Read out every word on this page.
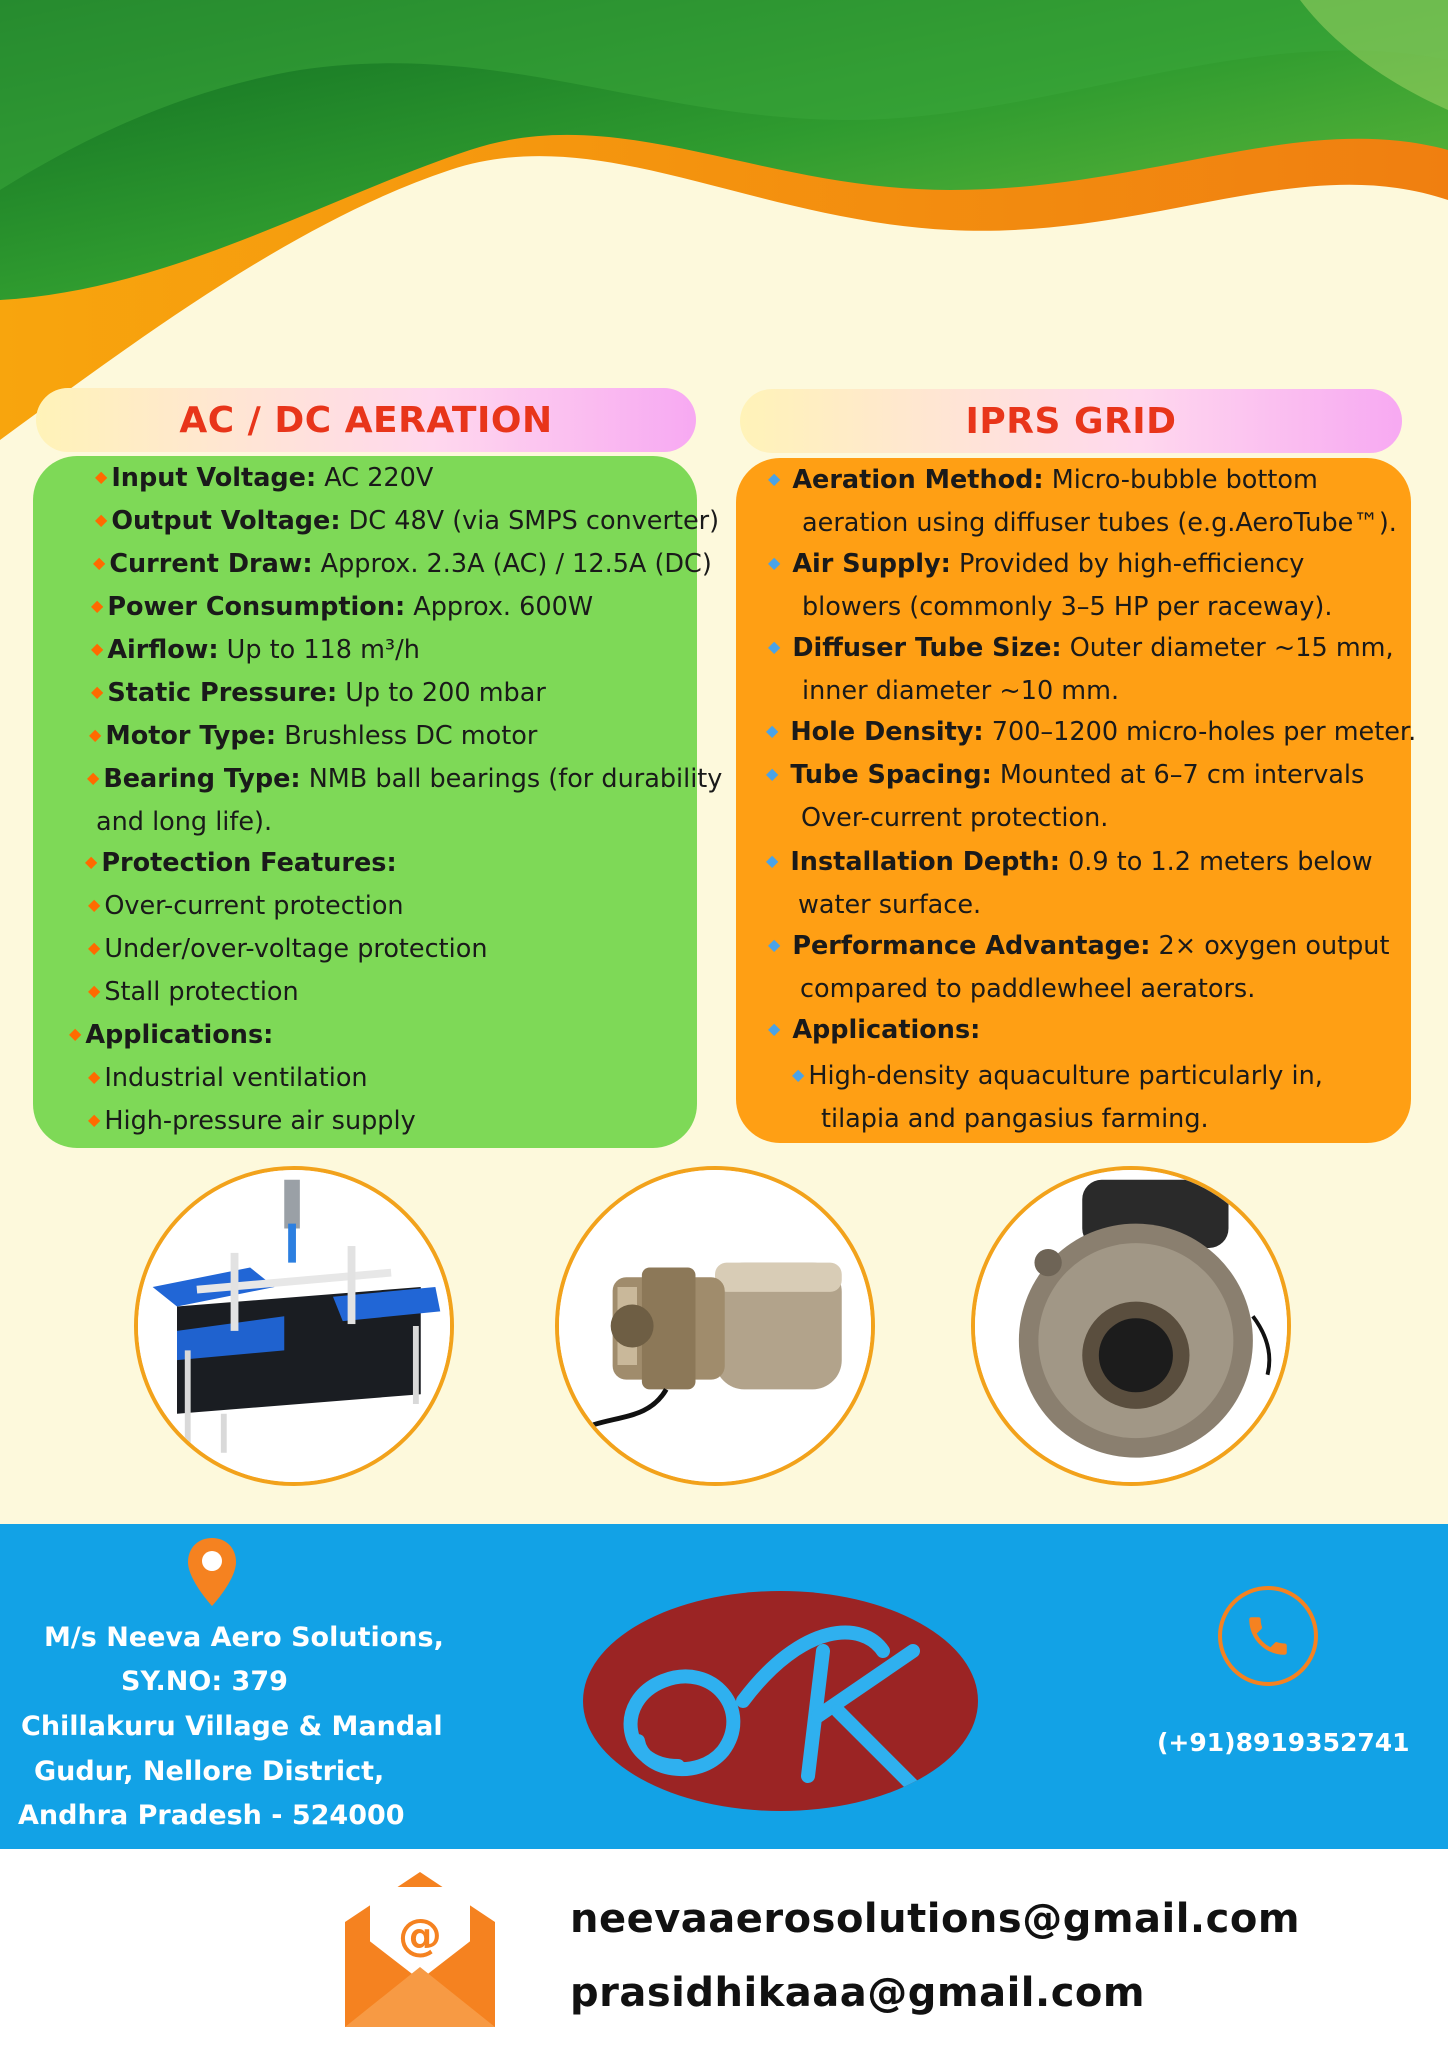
AC / DC AERATION
◆ Input Voltage: AC 220V
◆ Output Voltage: DC 48V (via SMPS converter)
◆ Current Draw: Approx. 2.3A (AC) / 12.5A (DC)
◆ Power Consumption: Approx. 600W
◆ Airflow: Up to 118 m³/h
◆ Static Pressure: Up to 200 mbar
◆ Motor Type: Brushless DC motor
◆ Bearing Type: NMB ball bearings (for durability
and long life).
◆ Protection Features:
◆ Over-current protection
◆ Under/over-voltage protection
◆ Stall protection
◆ Applications:
◆ Industrial ventilation
◆ High-pressure air supply
IPRS GRID
◆ Aeration Method: Micro-bubble bottom
aeration using diffuser tubes (e.g.AeroTube™).
◆ Air Supply: Provided by high-efficiency
blowers (commonly 3–5 HP per raceway).
◆ Diffuser Tube Size: Outer diameter ~15 mm,
inner diameter ~10 mm.
◆ Hole Density: 700–1200 micro-holes per meter.
◆ Tube Spacing: Mounted at 6–7 cm intervals
Over-current protection.
◆ Installation Depth: 0.9 to 1.2 meters below
water surface.
◆ Performance Advantage: 2× oxygen output
compared to paddlewheel aerators.
◆ Applications:
◆ High-density aquaculture particularly in,
tilapia and pangasius farming.
M/s Neeva Aero Solutions,
SY.NO: 379
Chillakuru Village & Mandal
Gudur, Nellore District,
Andhra Pradesh - 524000
(+91)8919352741
@	neevaaerosolutions@gmail.com
prasidhikaaa@gmail.com
